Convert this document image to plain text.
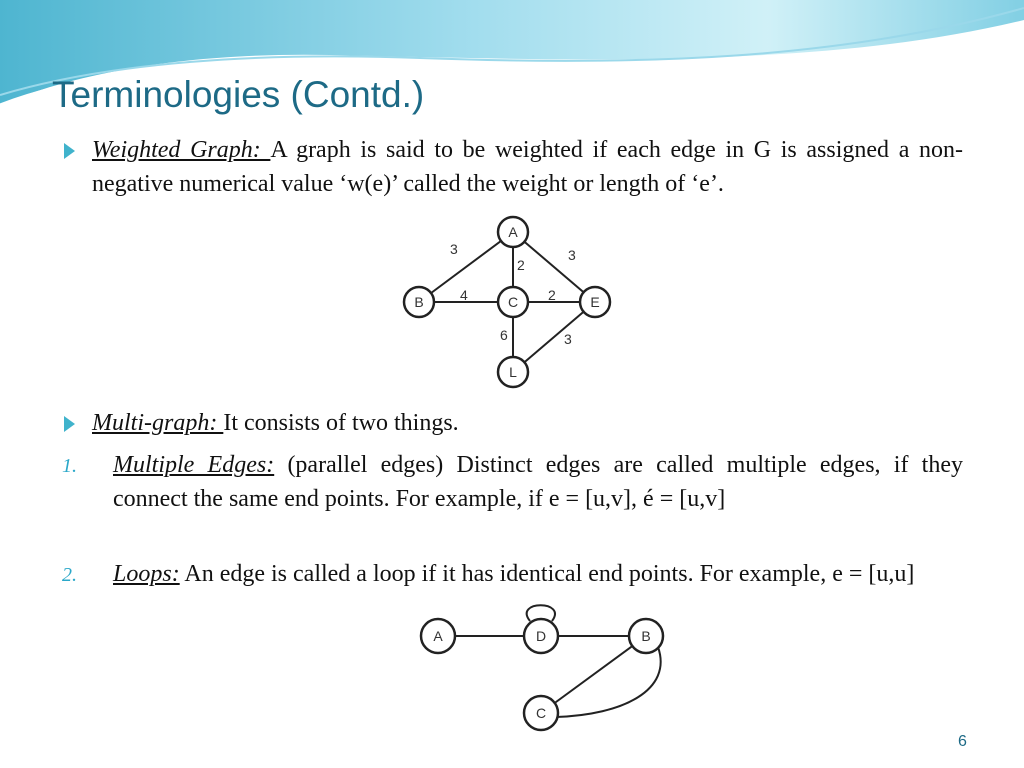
Terminologies (Contd.)

Weighted Graph: A graph is said to be weighted if each edge in G is assigned a non-negative numerical value ‘w(e)’ called the weight or length of ‘e’.

3	3
2
4	2
6	3
A
B	C	E
L

Multi-graph: It consists of two things.

1. Multiple Edges: (parallel edges) Distinct edges are called multiple edges, if they connect the same end points. For example, if e = [u,v], é = [u,v]

2. Loops: An edge is called a loop if it has identical end points. For example, e = [u,u]

A	D	B
C
6
